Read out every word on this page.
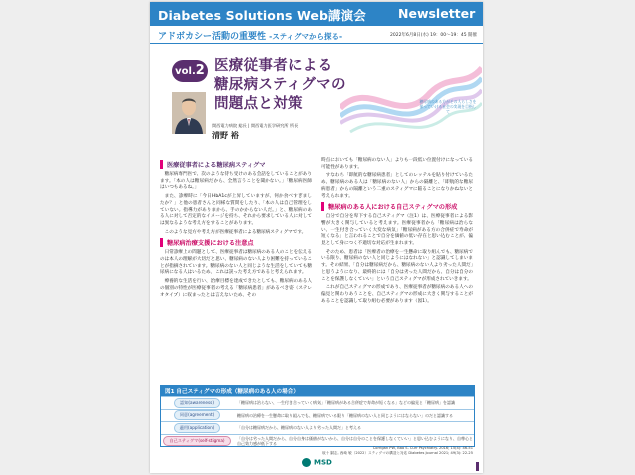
Diabetes Solutions Web講演会	Newsletter
アドボカシー活動の重要性 -スティグマから探る-	2022年6月8日(水) 19：00～19：45 開催
vol.2 医療従事者による
糖尿病スティグマの
問題点と対策	糖尿病のある方がその人らしさを保っていける社会の実現を目指して
関西電力病院 総長 | 関西電力医学研究所 所長
清野 裕
医療従事者による糖尿病スティグマ

糖尿病専門医で、次のような待ち受けのある会話をしていることがあります。「本の人は糖尿病だから、全然言うことを聞かない。」「糖尿病医師はいつもあるね。」

また、診療時に「今日HbA1cが上昇していますが、何か食べすぎましたか？」と他の患者さんと同様な質問をしたり、「本の人は自己管理をしていない。指導力がありまから、手のかからない人だ。」と、糖尿病のある人に対して否定的なイメージを持ち、それから要求している人に対しては異なるような考え方をすることがあります。

このような見方や考え方が医療従事者による糖尿病スティグマです。

糖尿病治療支援における注意点

日常診療上の問題として、医療従事者は糖尿病のある人のことを伝えるのは本人の理解が大切だと思い、糖尿病のない人より困難を持っていることが指摘されています。糖尿病のない人と同じような生活をしていても糖尿病になる人はいるため、これは誤った考え方であると考えられます。

療養的な生活を行い、治療目標を達成できたとしても、糖尿病のある人の個別の特性が医療従事者の考える「糖尿病患者」があるべき姿（ステレオタイプ）に収まったとは言えないため、その

時点においても「糖尿病のない人」よりも一段低い位置付けになっている可能性があります。

すなわち「即航的な糖尿病患者」としてのレッテルを貼り付けているため、糖尿病のある人は「糖尿病のない人」からの隔離と、「即航的な糖尿病患者」からの隔離という二重のスティグマに陥ることになりかねないと考えられます。

糖尿病のある人における自己スティグマの形成

自分で自分を卑下する自己スティグマ（注1）は、医療従事者による影響が大きく関与していると考えます。医療従事者から「糖尿病は治らない、一生付き合っていく大変な病気」「糖尿病がある方の合併症で寿命が短くなる」と言われることで自分を価値の低い存在と思い込むことが、偏見として身につく不適切な対応が生まれます。

そのため、患者は「医療者の治療を一生懸命に取り組んでも、糖尿病でいる限り、糖尿病のない人と同じようにはなれない」と認識してしまいます。その結果、「自分は糖尿病だから、糖尿病のない人より劣った人間だ」と思うようになり、最終的には「自分は劣った人間だから、自分は自分のことを保護しなくていい」という自己スティグマが形成されていきます。

これが自己スティグマの形成であり、医療従事者が糖尿病のある人への偏見と関わりあうことを、自己スティグマの形成に大きく関与することがあることを認識して取り組む必要があります（図1）。

図1 自己スティグマの形成（糖尿病のある人の場合）
認知(awareness)	「糖尿病は治らない、一生付き合っていく病気」「糖尿病がある合併症で寿命が短くなる」などの偏見と「糖尿病」を認識
同意(agreement)	糖尿病の治療を一生懸命に取り組んでも、糖尿病でいる限り「糖尿病のない人と同じようにはならない」のだと認識する
適用(application)	「自分は糖尿病だから、糖尿病のない人より劣った人間だ」と考える
自己スティグマ(self-stigma)	「自分は劣った人間だから、自分自身は価値がないから、自分は自分のことを保護しなくていい」と思い込むようになり、自尊心と自己効力感が低下する
Corrigan PW, Bao S. Curr Psychiatry. 2016; 15(4): 46-51
坂十 嗣志, 西崎 敏（2022）スティグマの構造と対応 Diabetes Journal 2021; 49(3): 22-25
MSD
